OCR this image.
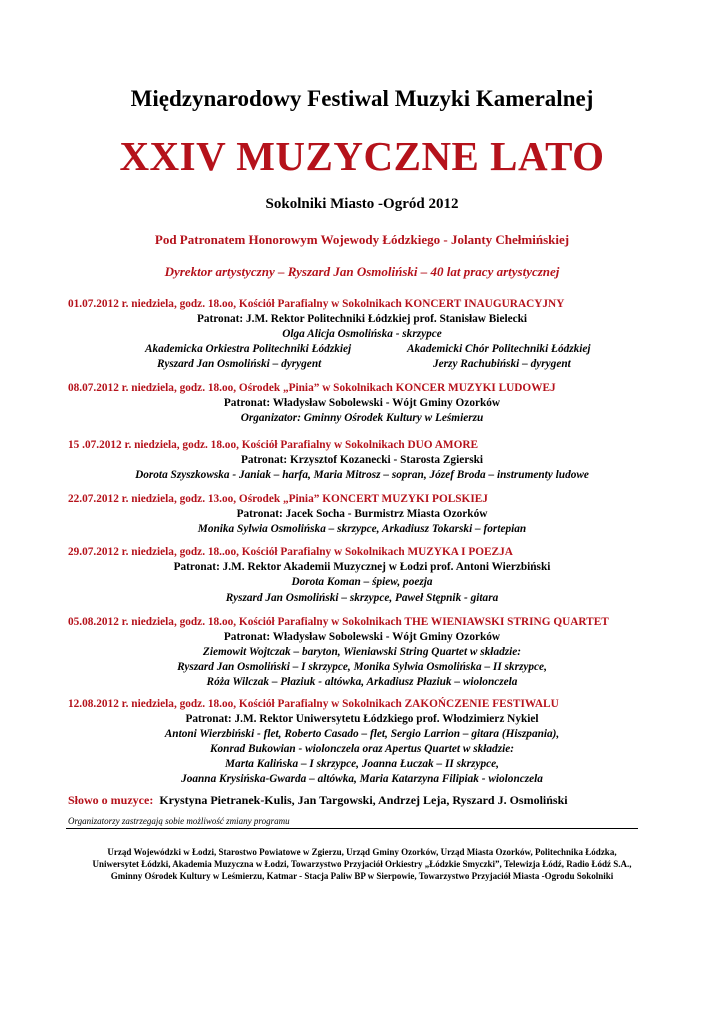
Międzynarodowy Festiwal Muzyki Kameralnej
XXIV MUZYCZNE LATO
Sokolniki Miasto -Ogród 2012
Pod Patronatem Honorowym Wojewody Łódzkiego - Jolanty Chełmińskiej
Dyrektor artystyczny – Ryszard Jan Osmoliński – 40 lat pracy artystycznej
01.07.2012 r. niedziela, godz. 18.oo, Kościół Parafialny w Sokolnikach KONCERT INAUGURACYJNY
Patronat: J.M. Rektor Politechniki Łódzkiej prof. Stanisław Bielecki
Olga Alicja Osmolińska - skrzypce
Akademicka Orkiestra Politechniki Łódzkiej	Akademicki Chór Politechniki Łódzkiej
Ryszard Jan Osmoliński – dyrygent	Jerzy Rachubiński – dyrygent
08.07.2012 r. niedziela, godz. 18.oo, Ośrodek „Pinia” w Sokolnikach KONCER MUZYKI LUDOWEJ
Patronat: Władysław Sobolewski - Wójt Gminy Ozorków
Organizator: Gminny Ośrodek Kultury w Leśmierzu
15 .07.2012 r. niedziela, godz. 18.oo, Kościół Parafialny w Sokolnikach DUO AMORE
Patronat: Krzysztof Kozanecki - Starosta Zgierski
Dorota Szyszkowska - Janiak – harfa, Maria Mitrosz – sopran, Józef Broda – instrumenty ludowe
22.07.2012 r. niedziela, godz. 13.oo, Ośrodek „Pinia” KONCERT MUZYKI POLSKIEJ
Patronat: Jacek Socha - Burmistrz Miasta Ozorków
Monika Sylwia Osmolińska – skrzypce, Arkadiusz Tokarski – fortepian
29.07.2012 r. niedziela, godz. 18..oo, Kościół Parafialny w Sokolnikach MUZYKA I POEZJA
Patronat: J.M. Rektor Akademii Muzycznej w Łodzi prof. Antoni Wierzbiński
Dorota Koman – śpiew, poezja
Ryszard Jan Osmoliński – skrzypce, Paweł Stępnik - gitara
05.08.2012 r. niedziela, godz. 18.oo, Kościół Parafialny w Sokolnikach THE WIENIAWSKI STRING QUARTET
Patronat: Władysław Sobolewski - Wójt Gminy Ozorków
Ziemowit Wojtczak – baryton, Wieniawski String Quartet w składzie:
Ryszard Jan Osmoliński – I skrzypce, Monika Sylwia Osmolińska – II skrzypce,
Róża Wilczak – Płaziuk - altówka, Arkadiusz Płaziuk – wiolonczela
12.08.2012 r. niedziela, godz. 18.oo, Kościół Parafialny w Sokolnikach ZAKOŃCZENIE FESTIWALU
Patronat: J.M. Rektor Uniwersytetu Łódzkiego prof. Włodzimierz Nykiel
Antoni Wierzbiński - flet, Roberto Casado – flet, Sergio Larrion – gitara (Hiszpania),
Konrad Bukowian - wiolonczela oraz Apertus Quartet w składzie:
Marta Kalińska – I skrzypce, Joanna Łuczak – II skrzypce,
Joanna Krysińska-Gwarda – altówka, Maria Katarzyna Filipiak - wiolonczela
Słowo o muzyce:  Krystyna Pietranek-Kulis, Jan Targowski, Andrzej Leja, Ryszard J. Osmoliński
Organizatorzy zastrzegają sobie możliwość zmiany programu
Urząd Wojewódzki w Łodzi, Starostwo Powiatowe w Zgierzu, Urząd Gminy Ozorków, Urząd Miasta Ozorków, Politechnika Łódzka,
Uniwersytet Łódzki, Akademia Muzyczna w Łodzi, Towarzystwo Przyjaciół Orkiestry „Łódzkie Smyczki”, Telewizja Łódź, Radio Łódź S.A.,
Gminny Ośrodek Kultury w Leśmierzu, Katmar - Stacja Paliw BP w Sierpowie, Towarzystwo Przyjaciół Miasta -Ogrodu Sokolniki
